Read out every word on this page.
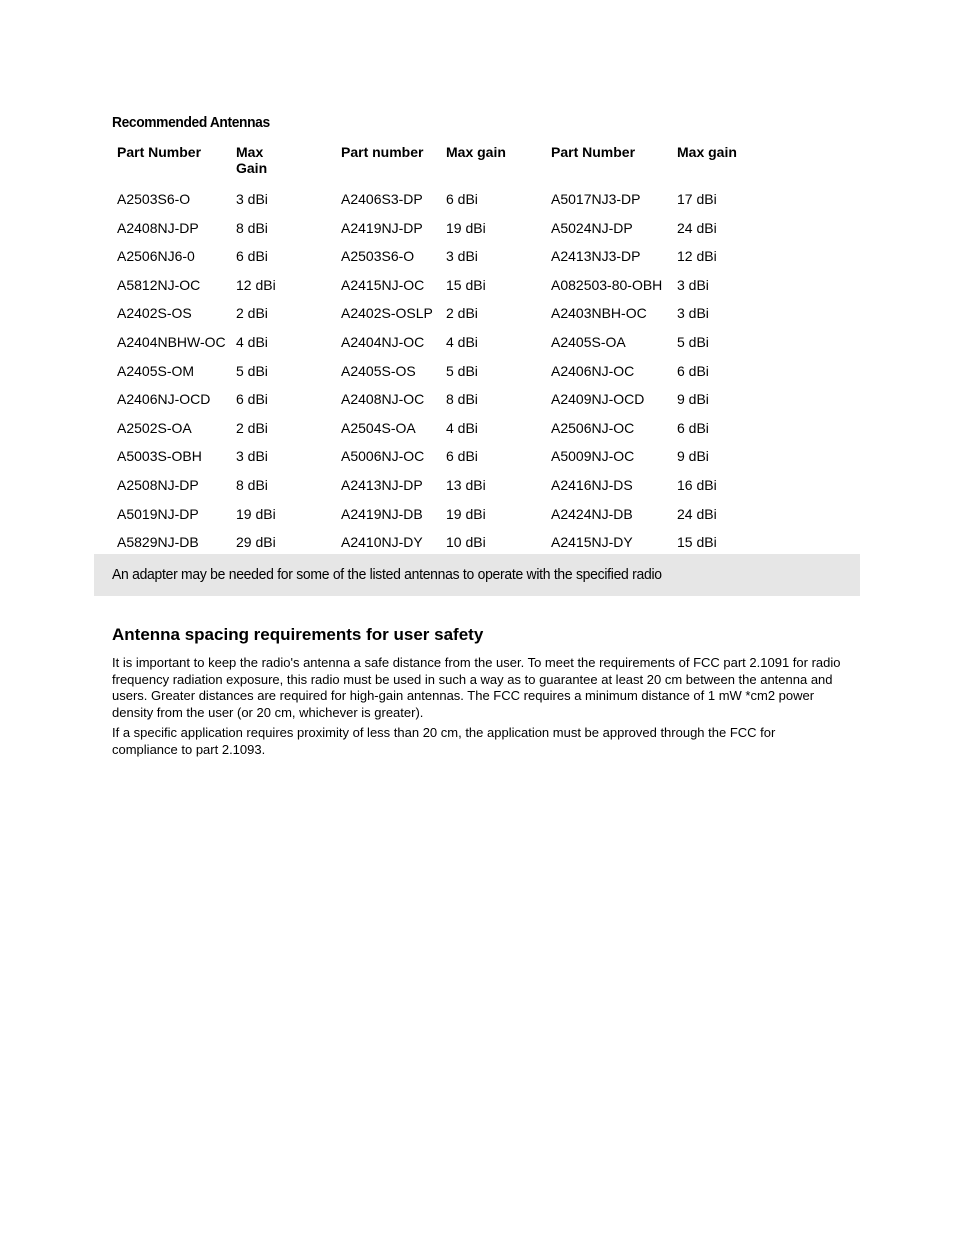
Recommended Antennas
Part Number	Max Gain	Part number	Max gain	Part Number	Max gain
A2503S6-O	3 dBi	A2406S3-DP	6 dBi	A5017NJ3-DP	17 dBi
A2408NJ-DP	8 dBi	A2419NJ-DP	19 dBi	A5024NJ-DP	24 dBi
A2506NJ6-0	6 dBi	A2503S6-O	3 dBi	A2413NJ3-DP	12 dBi
A5812NJ-OC	12 dBi	A2415NJ-OC	15 dBi	A082503-80-OBH	3 dBi
A2402S-OS	2 dBi	A2402S-OSLP	2 dBi	A2403NBH-OC	3 dBi
A2404NBHW-OC	4 dBi	A2404NJ-OC	4 dBi	A2405S-OA	5 dBi
A2405S-OM	5 dBi	A2405S-OS	5 dBi	A2406NJ-OC	6 dBi
A2406NJ-OCD	6 dBi	A2408NJ-OC	8 dBi	A2409NJ-OCD	9 dBi
A2502S-OA	2 dBi	A2504S-OA	4 dBi	A2506NJ-OC	6 dBi
A5003S-OBH	3 dBi	A5006NJ-OC	6 dBi	A5009NJ-OC	9 dBi
A2508NJ-DP	8 dBi	A2413NJ-DP	13 dBi	A2416NJ-DS	16 dBi
A5019NJ-DP	19 dBi	A2419NJ-DB	19 dBi	A2424NJ-DB	24 dBi
A5829NJ-DB	29 dBi	A2410NJ-DY	10 dBi	A2415NJ-DY	15 dBi

An adapter may be needed for some of the listed antennas to operate with the specified radio

Antenna spacing requirements for user safety

It is important to keep the radio's antenna a safe distance from the user. To meet the requirements of FCC part 2.1091 for radio frequency radiation exposure, this radio must be used in such a way as to guarantee at least 20 cm between the antenna and users. Greater distances are required for high-gain antennas. The FCC requires a minimum distance of 1 mW *cm2 power density from the user (or 20 cm, whichever is greater).

If a specific application requires proximity of less than 20 cm, the application must be approved through the FCC for compliance to part 2.1093.
